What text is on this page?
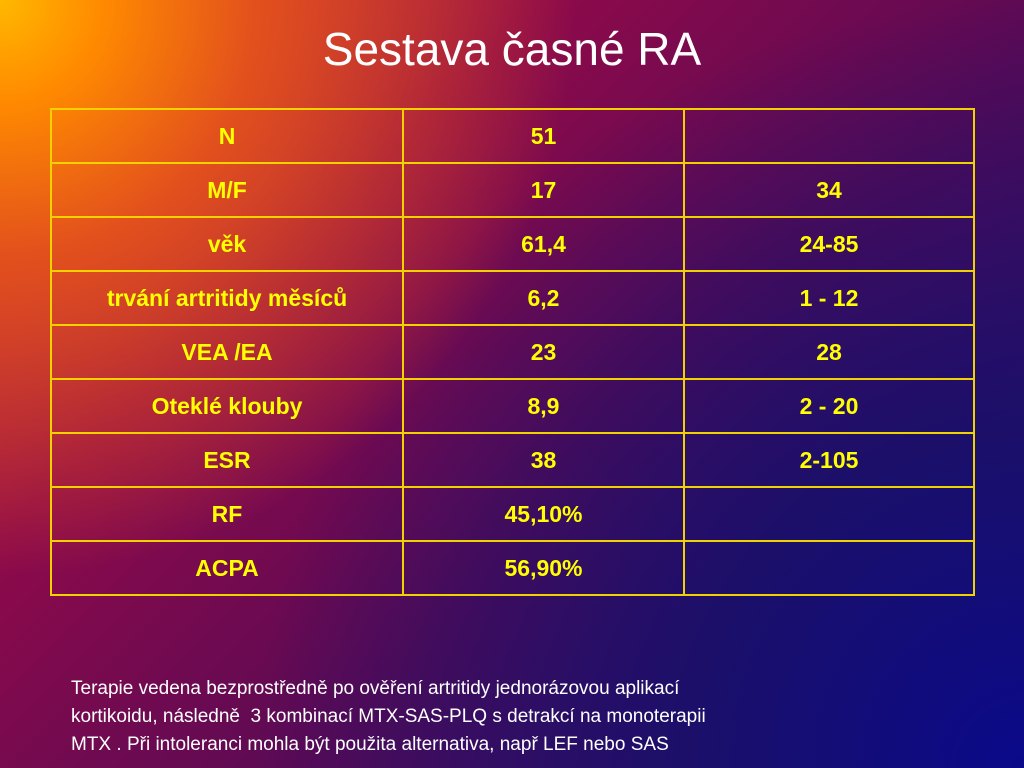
Sestava časné RA
N	51	
M/F	17	34
věk	61,4	24-85
trvání artritidy měsíců	6,2	1 - 12
VEA /EA	23	28
Oteklé klouby	8,9	2 - 20
ESR	38	2-105
RF	45,10%	
ACPA	56,90%	

Terapie vedena bezprostředně po ověření artritidy jednorázovou aplikací
kortikoidu, následně  3 kombinací MTX-SAS-PLQ s detrakcí na monoterapii
MTX . Při intoleranci mohla být použita alternativa, např LEF nebo SAS
